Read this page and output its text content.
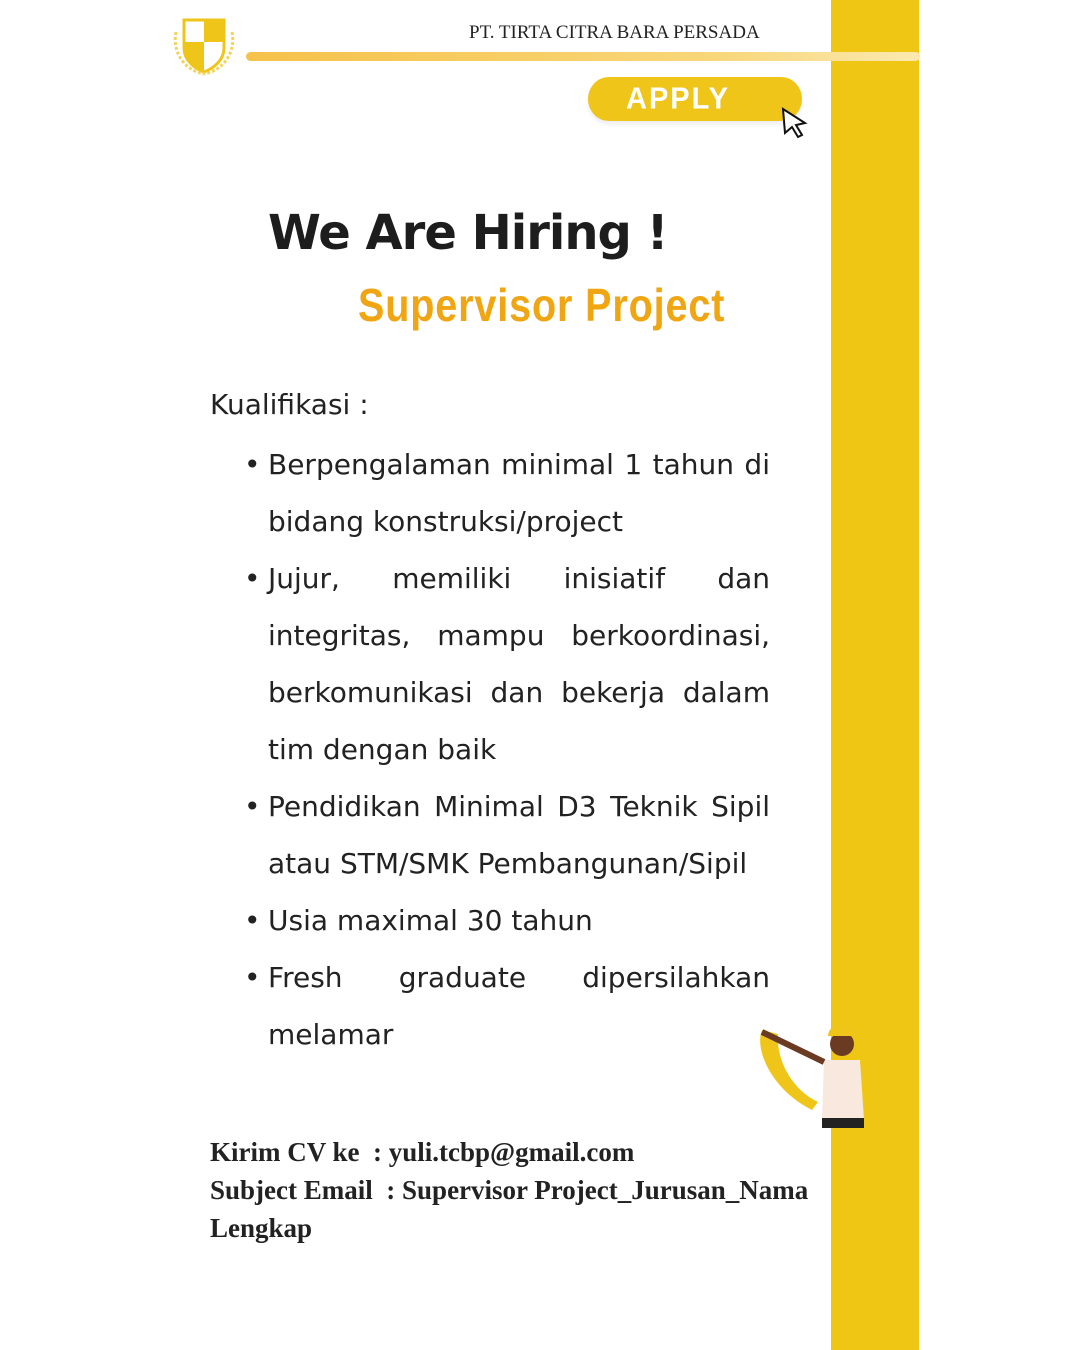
PT. TIRTA CITRA BARA PERSADA
APPLY NOW
We Are Hiring !
Supervisor Project
Kualifikasi :
• Berpengalaman minimal 1 tahun di bidang konstruksi/project
• Jujur, memiliki inisiatif dan integritas, mampu berkoordinasi, berkomunikasi dan bekerja dalam tim dengan baik
• Pendidikan Minimal D3 Teknik Sipil atau STM/SMK Pembangunan/Sipil
• Usia maximal 30 tahun
• Fresh graduate dipersilahkan melamar
Kirim CV ke  : yuli.tcbp@gmail.com
Subject Email  : Supervisor Project_Jurusan_Nama Lengkap
